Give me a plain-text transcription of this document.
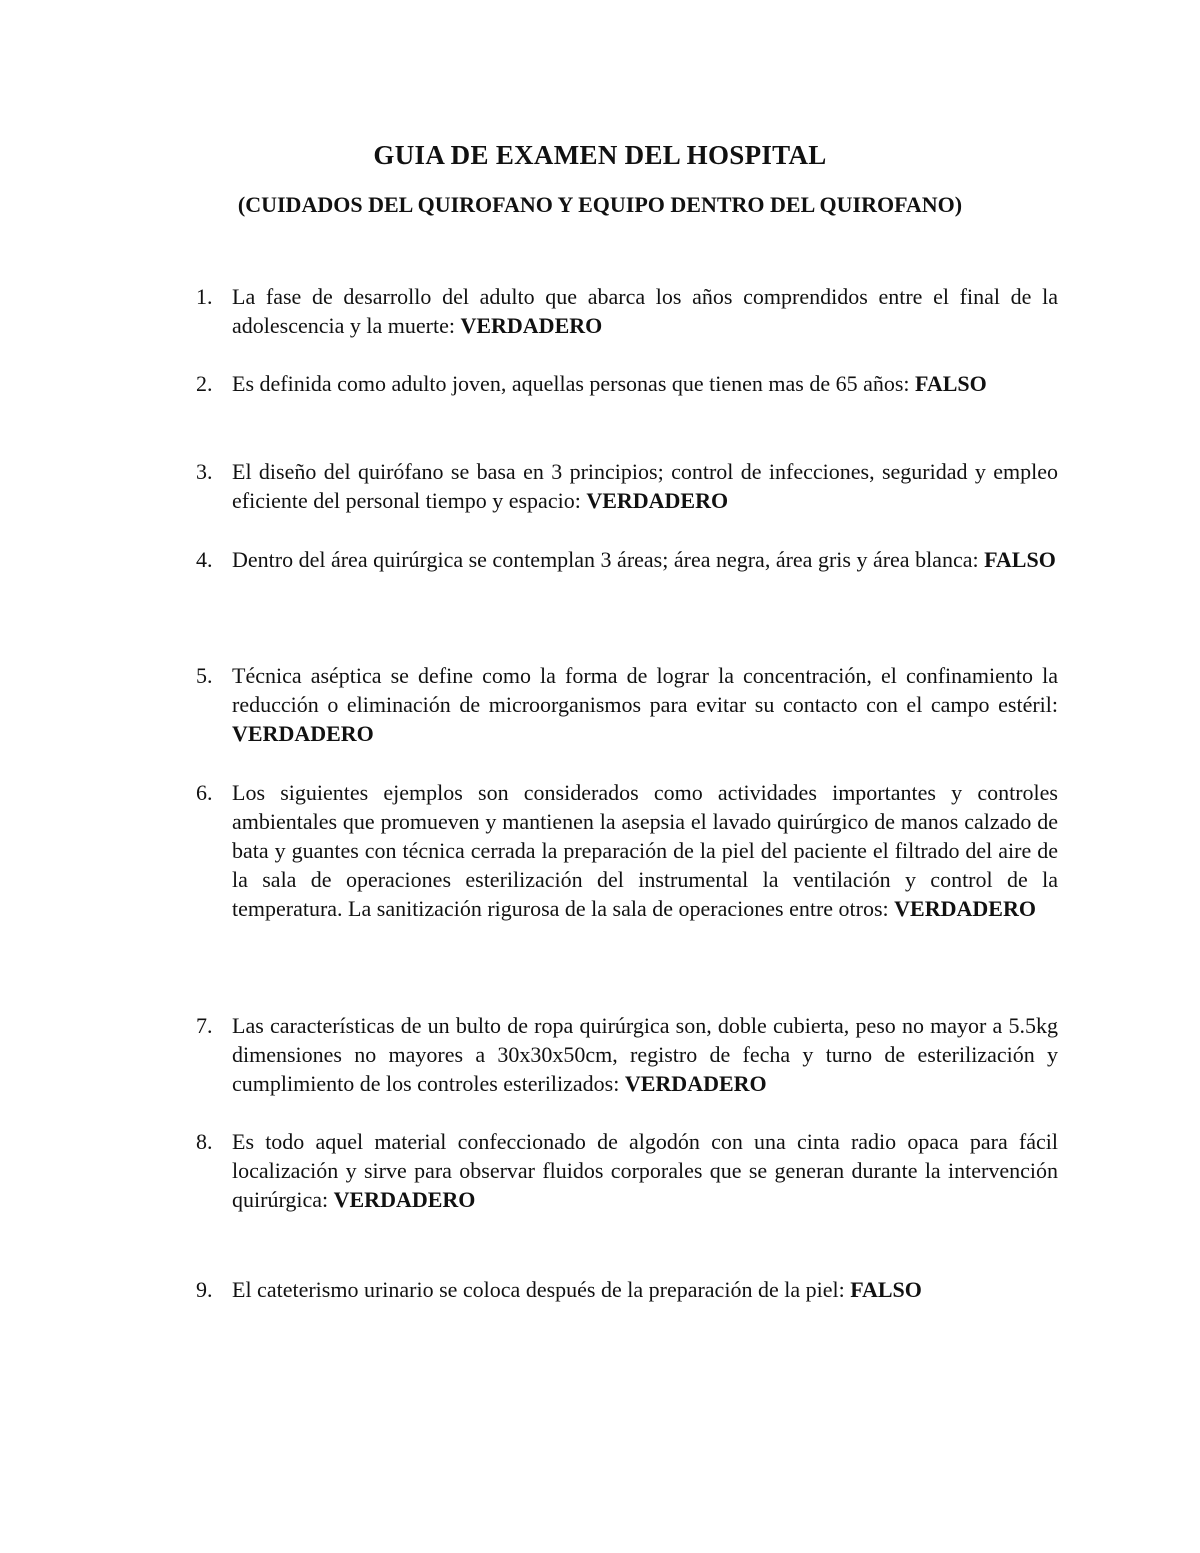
GUIA DE EXAMEN DEL HOSPITAL
(CUIDADOS DEL QUIROFANO Y EQUIPO DENTRO DEL QUIROFANO)
1. La fase de desarrollo del adulto que abarca los años comprendidos entre el final de la adolescencia y la muerte: VERDADERO
2. Es definida como adulto joven, aquellas personas que tienen mas de 65 años: FALSO
3. El diseño del quirófano se basa en 3 principios; control de infecciones, seguridad y empleo eficiente del personal tiempo y espacio: VERDADERO
4. Dentro del área quirúrgica se contemplan 3 áreas; área negra, área gris y área blanca: FALSO
5. Técnica aséptica se define como la forma de lograr la concentración, el confinamiento la reducción o eliminación de microorganismos para evitar su contacto con el campo estéril: VERDADERO
6. Los siguientes ejemplos son considerados como actividades importantes y controles ambientales que promueven y mantienen la asepsia el lavado quirúrgico de manos calzado de bata y guantes con técnica cerrada la preparación de la piel del paciente el filtrado del aire de la sala de operaciones esterilización del instrumental la ventilación y control de la temperatura. La sanitización rigurosa de la sala de operaciones entre otros: VERDADERO
7. Las características de un bulto de ropa quirúrgica son, doble cubierta, peso no mayor a 5.5kg dimensiones no mayores a 30x30x50cm, registro de fecha y turno de esterilización y cumplimiento de los controles esterilizados: VERDADERO
8. Es todo aquel material confeccionado de algodón con una cinta radio opaca para fácil localización y sirve para observar fluidos corporales que se generan durante la intervención quirúrgica: VERDADERO
9. El cateterismo urinario se coloca después de la preparación de la piel: FALSO
